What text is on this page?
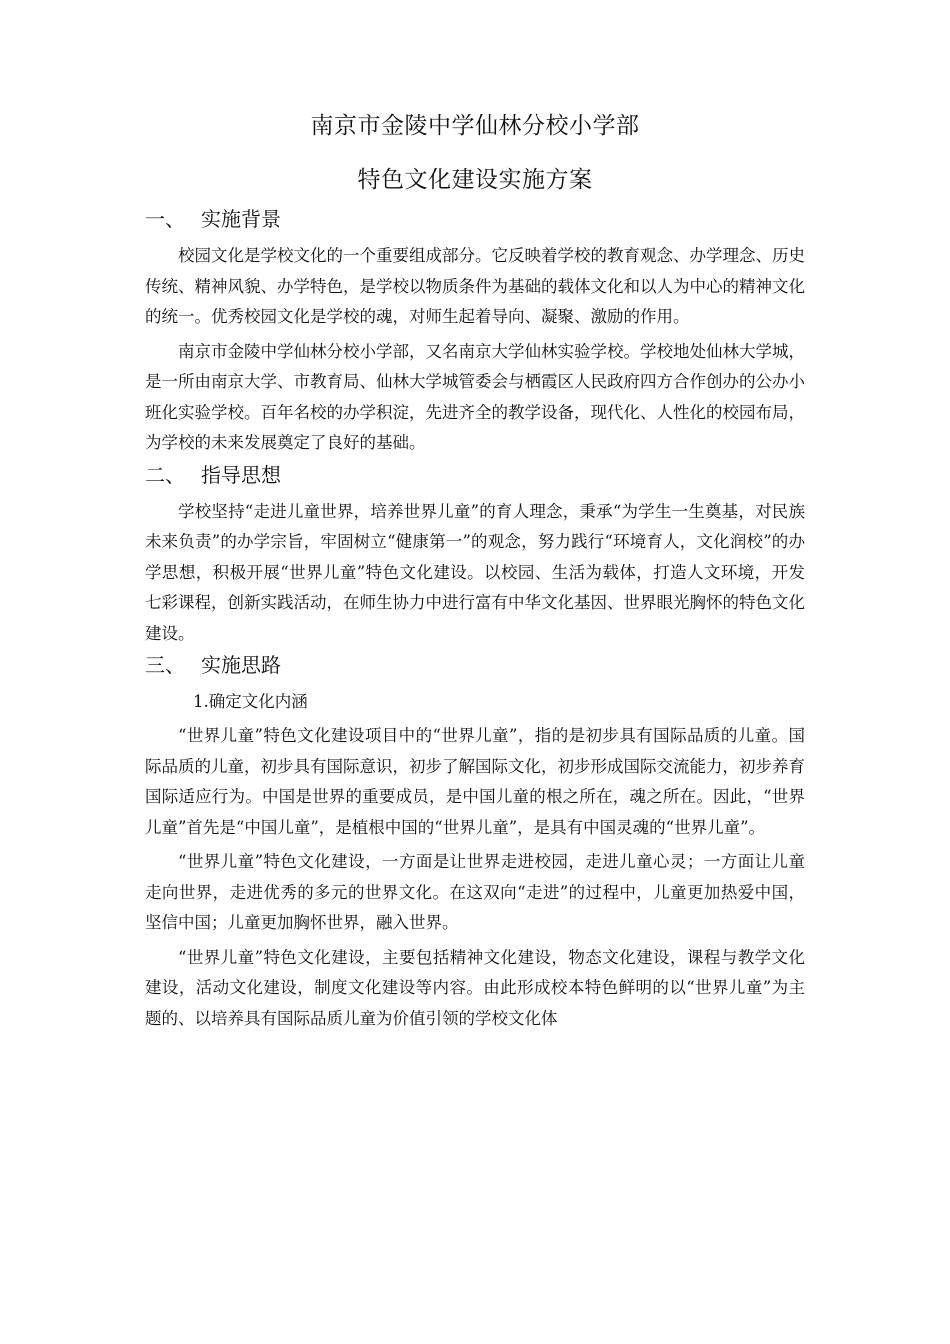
南京市金陵中学仙林分校小学部
特色文化建设实施方案
一、 实施背景

校园文化是学校文化的一个重要组成部分。它反映着学校的教育观念、办学理念、历史传统、精神风貌、办学特色，是学校以物质条件为基础的载体文化和以人为中心的精神文化的统一。优秀校园文化是学校的魂，对师生起着导向、凝聚、激励的作用。

南京市金陵中学仙林分校小学部，又名南京大学仙林实验学校。学校地处仙林大学城，是一所由南京大学、市教育局、仙林大学城管委会与栖霞区人民政府四方合作创办的公办小班化实验学校。百年名校的办学积淀，先进齐全的教学设备，现代化、人性化的校园布局，为学校的未来发展奠定了良好的基础。

二、 指导思想

学校坚持“走进儿童世界，培养世界儿童”的育人理念，秉承“为学生一生奠基，对民族未来负责”的办学宗旨，牢固树立“健康第一”的观念，努力践行“环境育人，文化润校”的办学思想，积极开展“世界儿童”特色文化建设。以校园、生活为载体，打造人文环境，开发七彩课程，创新实践活动，在师生协力中进行富有中华文化基因、世界眼光胸怀的特色文化建设。

三、 实施思路
1.确定文化内涵

“世界儿童”特色文化建设项目中的“世界儿童”，指的是初步具有国际品质的儿童。国际品质的儿童，初步具有国际意识，初步了解国际文化，初步形成国际交流能力，初步养育国际适应行为。中国是世界的重要成员，是中国儿童的根之所在，魂之所在。因此，“世界儿童”首先是“中国儿童”，是植根中国的“世界儿童”，是具有中国灵魂的“世界儿童”。

“世界儿童”特色文化建设，一方面是让世界走进校园，走进儿童心灵；一方面让儿童走向世界，走进优秀的多元的世界文化。在这双向“走进”的过程中，儿童更加热爱中国，坚信中国；儿童更加胸怀世界，融入世界。

“世界儿童”特色文化建设，主要包括精神文化建设，物态文化建设，课程与教学文化建设，活动文化建设，制度文化建设等内容。由此形成校本特色鲜明的以“世界儿童”为主题的、以培养具有国际品质儿童为价值引领的学校文化体
